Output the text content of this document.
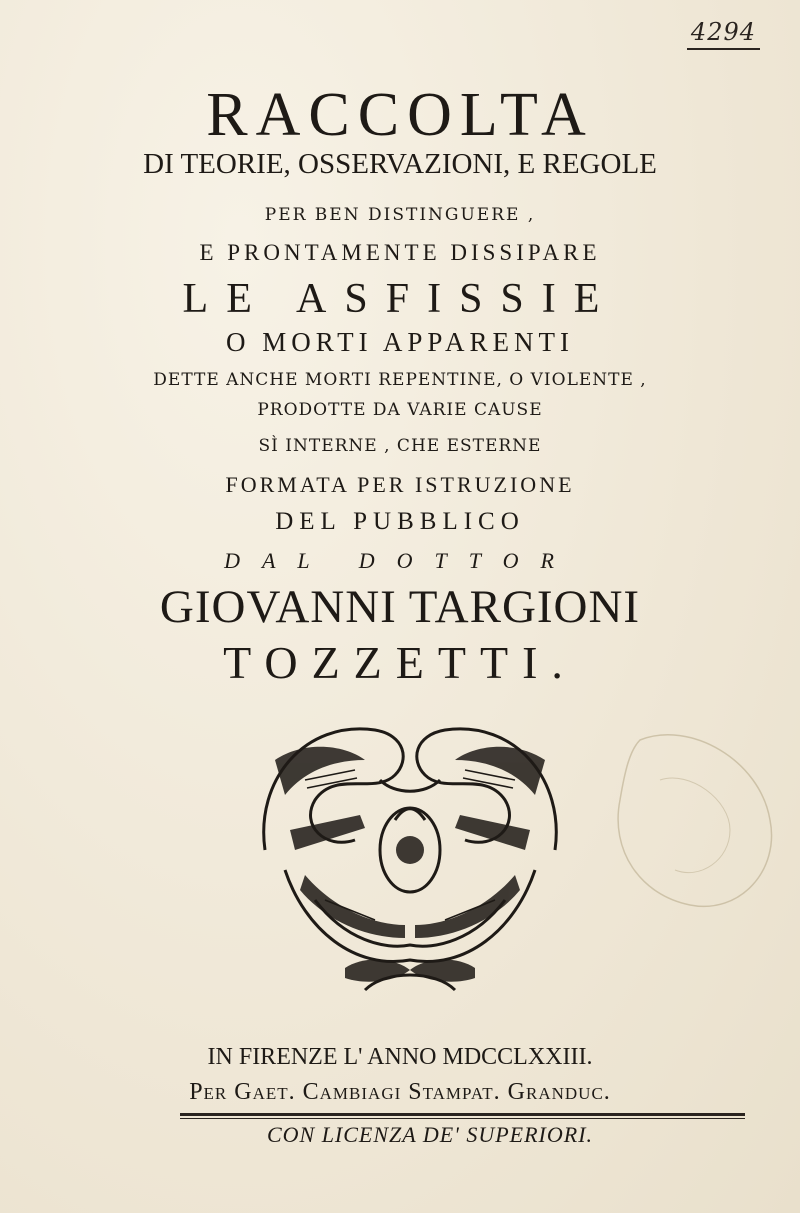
4294
RACCOLTA
DI TEORIE, OSSERVAZIONI, E REGOLE
PER BEN DISTINGUERE ,
E PRONTAMENTE DISSIPARE
LE ASFISSIE
O MORTI APPARENTI
DETTE ANCHE MORTI REPENTINE, O VIOLENTE ,
PRODOTTE DA VARIE CAUSE
SÌ INTERNE , CHE ESTERNE
FORMATA PER ISTRUZIONE
DEL PUBBLICO
DAL DOTTOR
GIOVANNI TARGIONI
TOZZETTI.
IN FIRENZE L' ANNO MDCCLXXIII.
Per Gaet. Cambiagi Stampat. Granduc.
CON LICENZA DE' SUPERIORI.
